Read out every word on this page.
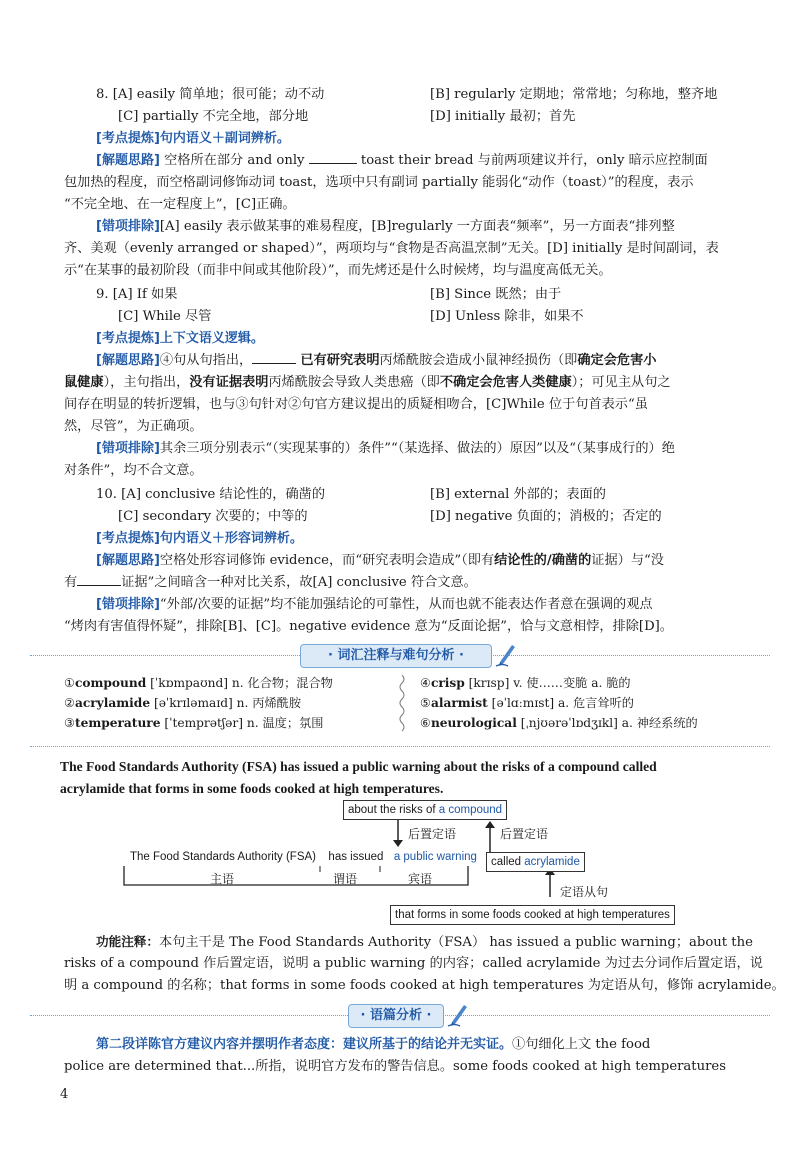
8. [A] easily 简单地；很可能；动不动	[B] regularly 定期地；常常地；匀称地，整齐地
[C] partially 不完全地，部分地	[D] initially 最初；首先
[考点提炼]句内语义＋副词辨析。
[解题思路] 空格所在部分 and only	toast their bread 与前两项建议并行，only 暗示应控制面
包加热的程度，而空格副词修饰动词 toast，选项中只有副词 partially 能弱化“动作（toast）”的程度，表示
“不完全地、在一定程度上”，[C]正确。
[错项排除][A] easily 表示做某事的难易程度，[B]regularly 一方面表“频率”，另一方面表“排列整
齐、美观（evenly arranged or shaped）”，两项均与“食物是否高温烹制”无关。[D] initially 是时间副词，表
示“在某事的最初阶段（而非中间或其他阶段）”，而先烤还是什么时候烤，均与温度高低无关。
9. [A] If 如果	[B] Since 既然；由于
[C] While 尽管	[D] Unless 除非，如果不
[考点提炼]上下文语义逻辑。
[解题思路]④句从句指出，	已有研究表明丙烯酰胺会造成小鼠神经损伤（即确定会危害小
鼠健康），主句指出，没有证据表明丙烯酰胺会导致人类患癌（即不确定会危害人类健康）；可见主从句之
间存在明显的转折逻辑，也与③句针对②句官方建议提出的质疑相吻合，[C]While 位于句首表示“虽
然，尽管”，为正确项。
[错项排除]其余三项分别表示“（实现某事的）条件”“（某选择、做法的）原因”以及“（某事成行的）绝
对条件”，均不合文意。
10. [A] conclusive 结论性的，确凿的	[B] external 外部的；表面的
[C] secondary 次要的；中等的	[D] negative 负面的；消极的；否定的
[考点提炼]句内语义＋形容词辨析。
[解题思路]空格处形容词修饰 evidence，而“研究表明会造成”（即有结论性的/确凿的证据）与“没
有	证据”之间暗含一种对比关系，故[A] conclusive 符合文意。
[错项排除]“外部/次要的证据”均不能加强结论的可靠性，从而也就不能表达作者意在强调的观点
“烤肉有害值得怀疑”，排除[B]、[C]。negative evidence 意为“反面论据”，恰与文意相悖，排除[D]。
· 词汇注释与难句分析 ·
①compound [ˈkɒmpaʊnd] n. 化合物；混合物
②acrylamide [əˈkrɪləmaɪd] n. 丙烯酰胺
③temperature [ˈtemprətʃər] n. 温度；氛围
④crisp [krɪsp] v. 使……变脆 a. 脆的
⑤alarmist [əˈlɑːmɪst] a. 危言耸听的
⑥neurological [ˌnjʊərəˈlɒdʒɪkl] a. 神经系统的
The Food Standards Authority (FSA) has issued a public warning about the risks of a compound called
acrylamide that forms in some foods cooked at high temperatures.
about the risks of a compound
后置定语	后置定语
The Food Standards Authority (FSA) has issued a public warning
主语	谓语	宾语
called acrylamide
定语从句
that forms in some foods cooked at high temperatures
功能注释：本句主干是 The Food Standards Authority（FSA） has issued a public warning；about the
risks of a compound 作后置定语，说明 a public warning 的内容；called acrylamide 为过去分词作后置定语，说
明 a compound 的名称；that forms in some foods cooked at high temperatures 为定语从句，修饰 acrylamide。
· 语篇分析 ·
第二段详陈官方建议内容并摆明作者态度：建议所基于的结论并无实证。①句细化上文 the food
police are determined that...所指，说明官方发布的警告信息。some foods cooked at high temperatures
4
